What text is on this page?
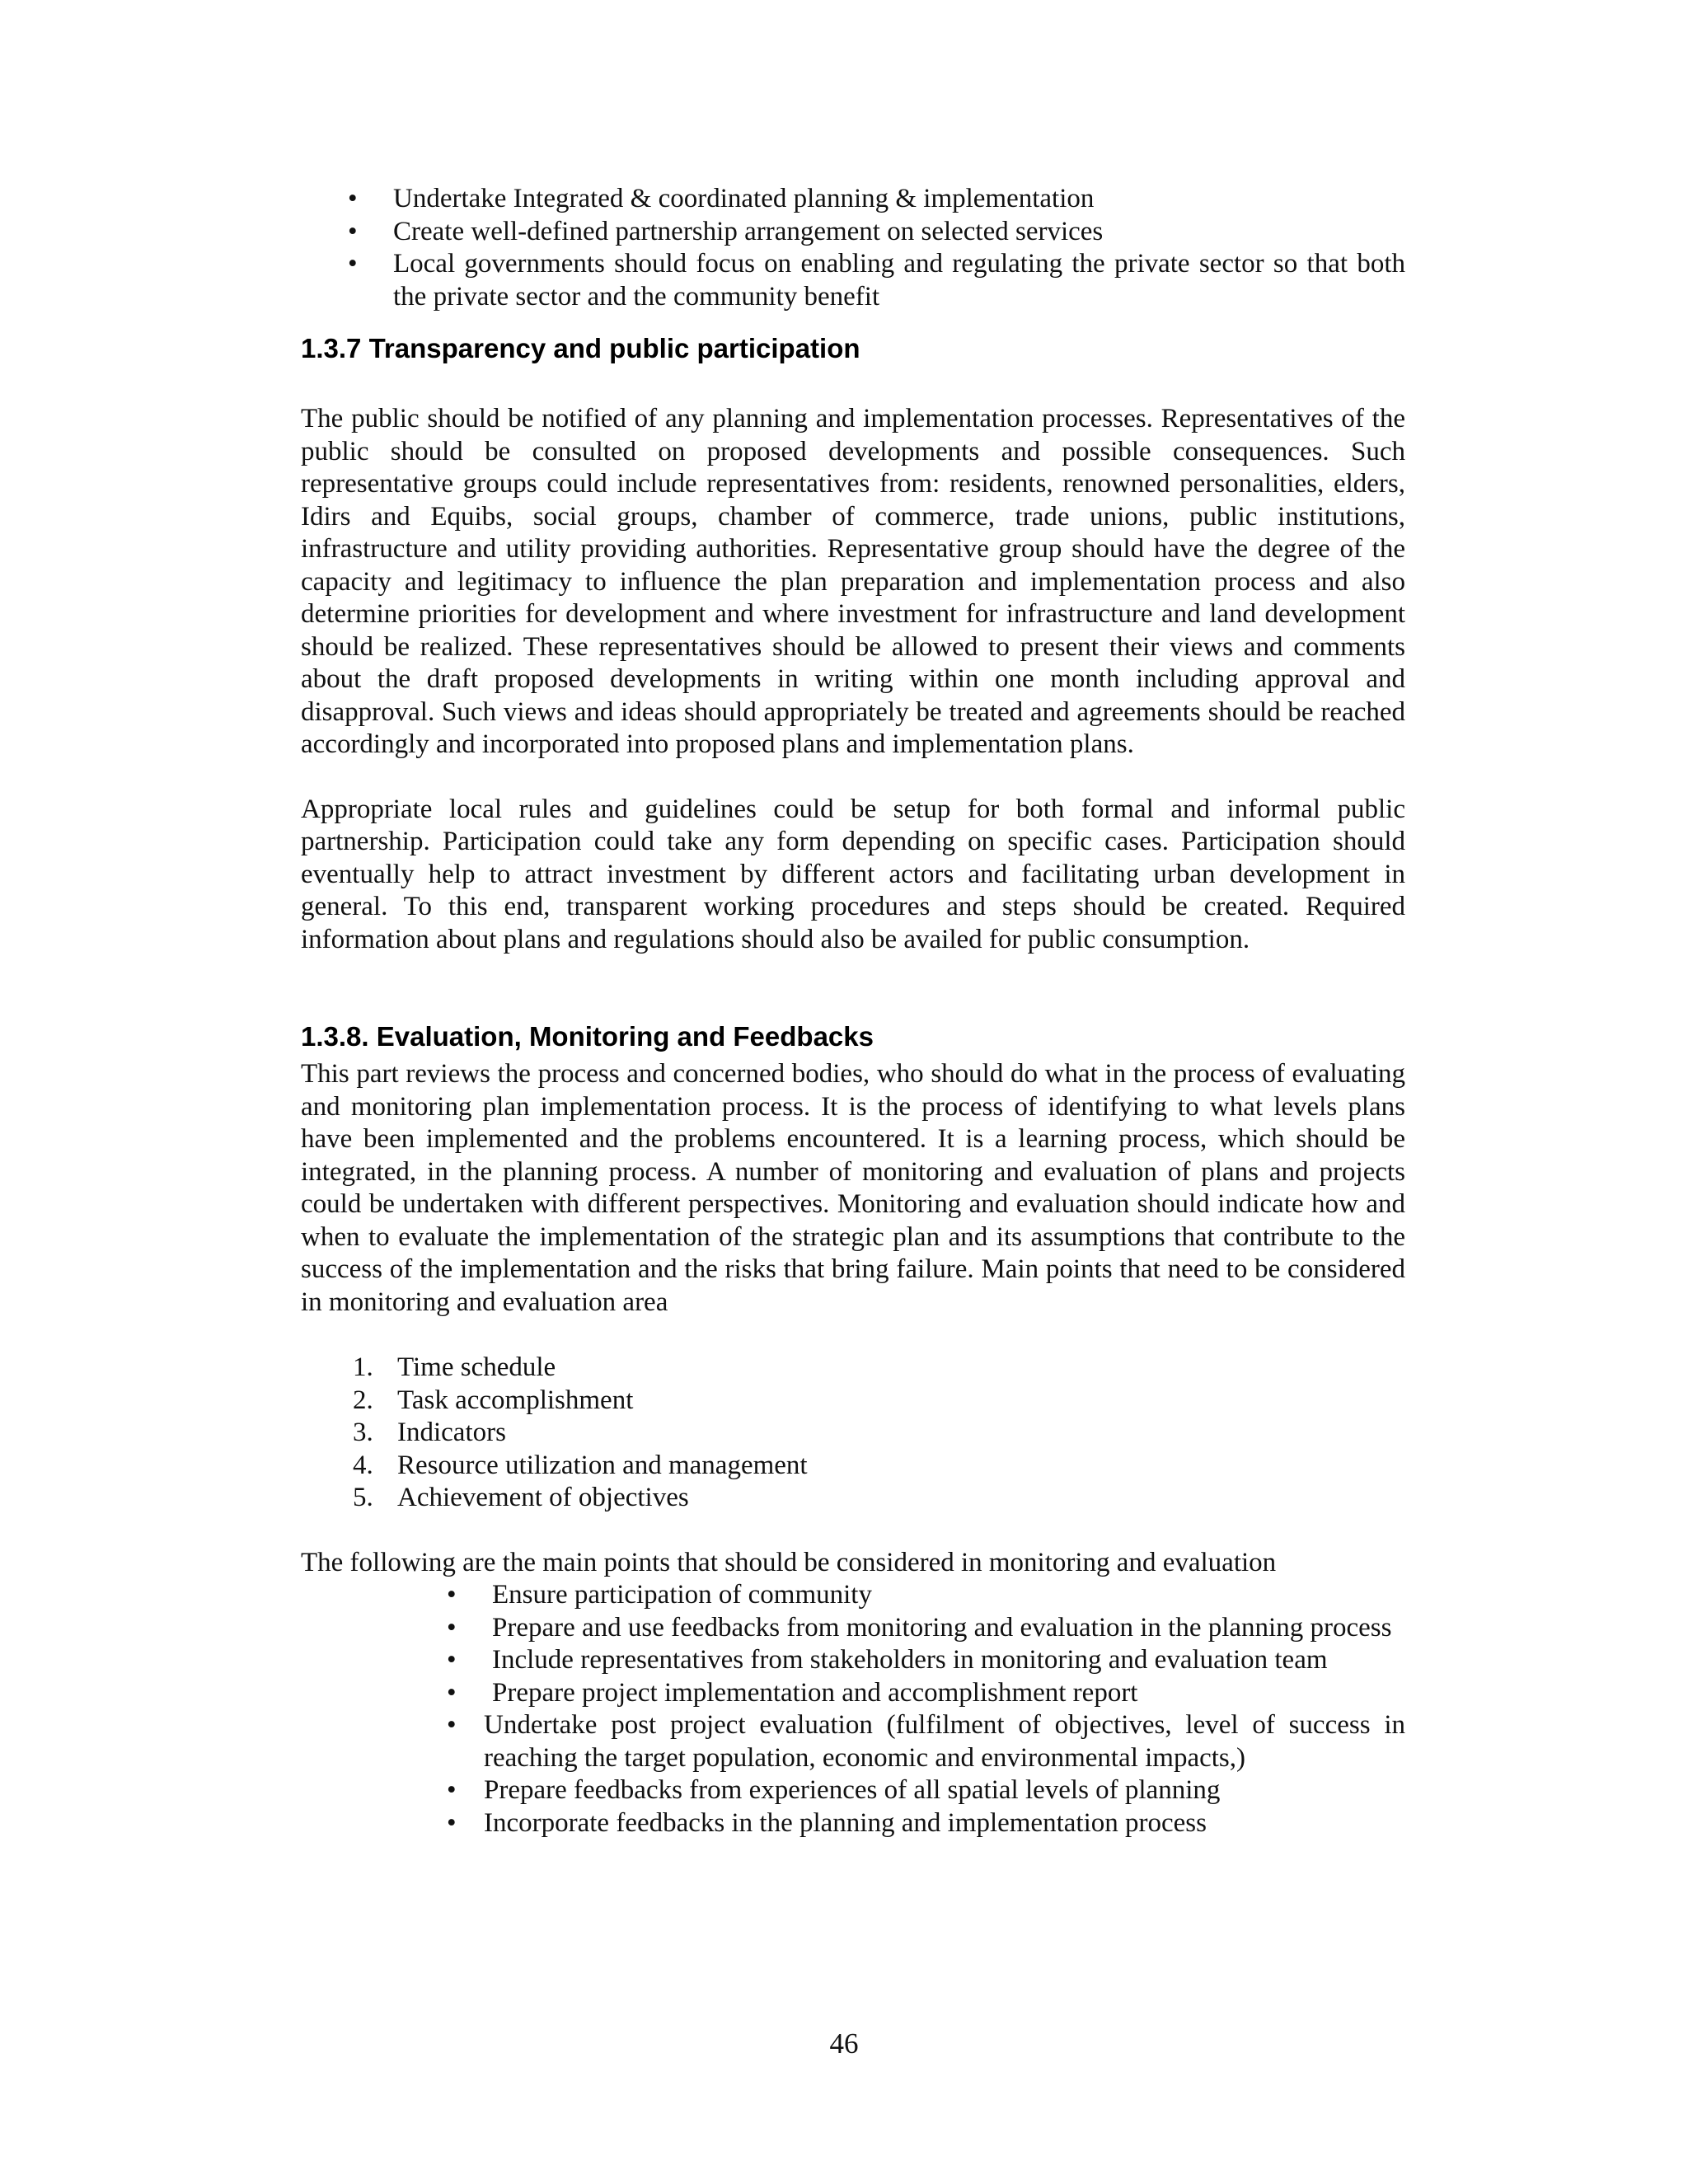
• Undertake Integrated & coordinated planning & implementation
• Create well-defined partnership arrangement on selected services
• Local governments should focus on enabling and regulating the private sector so that both the private sector and the community benefit
1.3.7 Transparency and public participation

The public should be notified of any planning and implementation processes. Representatives of the public should be consulted on proposed developments and possible consequences. Such representative groups could include representatives from: residents, renowned personalities, elders, Idirs and Equibs, social groups, chamber of commerce, trade unions, public institutions, infrastructure and utility providing authorities. Representative group should have the degree of the capacity and legitimacy to influence the plan preparation and implementation process and also determine priorities for development and where investment for infrastructure and land development should be realized. These representatives should be allowed to present their views and comments about the draft proposed developments in writing within one month including approval and disapproval. Such views and ideas should appropriately be treated and agreements should be reached accordingly and incorporated into proposed plans and implementation plans.

Appropriate local rules and guidelines could be setup for both formal and informal public partnership. Participation could take any form depending on specific cases. Participation should eventually help to attract investment by different actors and facilitating urban development in general. To this end, transparent working procedures and steps should be created. Required information about plans and regulations should also be availed for public consumption.

1.3.8. Evaluation, Monitoring and Feedbacks

This part reviews the process and concerned bodies, who should do what in the process of evaluating and monitoring plan implementation process. It is the process of identifying to what levels plans have been implemented and the problems encountered. It is a learning process, which should be integrated, in the planning process. A number of monitoring and evaluation of plans and projects could be undertaken with different perspectives. Monitoring and evaluation should indicate how and when to evaluate the implementation of the strategic plan and its assumptions that contribute to the success of the implementation and the risks that bring failure. Main points that need to be considered in monitoring and evaluation area

1. Time schedule
2. Task accomplishment
3. Indicators
4. Resource utilization and management
5. Achievement of objectives

The following are the main points that should be considered in monitoring and evaluation

• Ensure participation of community
• Prepare and use feedbacks from monitoring and evaluation in the planning process
• Include representatives from stakeholders in monitoring and evaluation team
• Prepare project implementation and accomplishment report
• Undertake post project evaluation (fulfilment of objectives, level of success in reaching the target population, economic and environmental impacts,)
• Prepare feedbacks from experiences of all spatial levels of planning
• Incorporate feedbacks in the planning and implementation process
46
